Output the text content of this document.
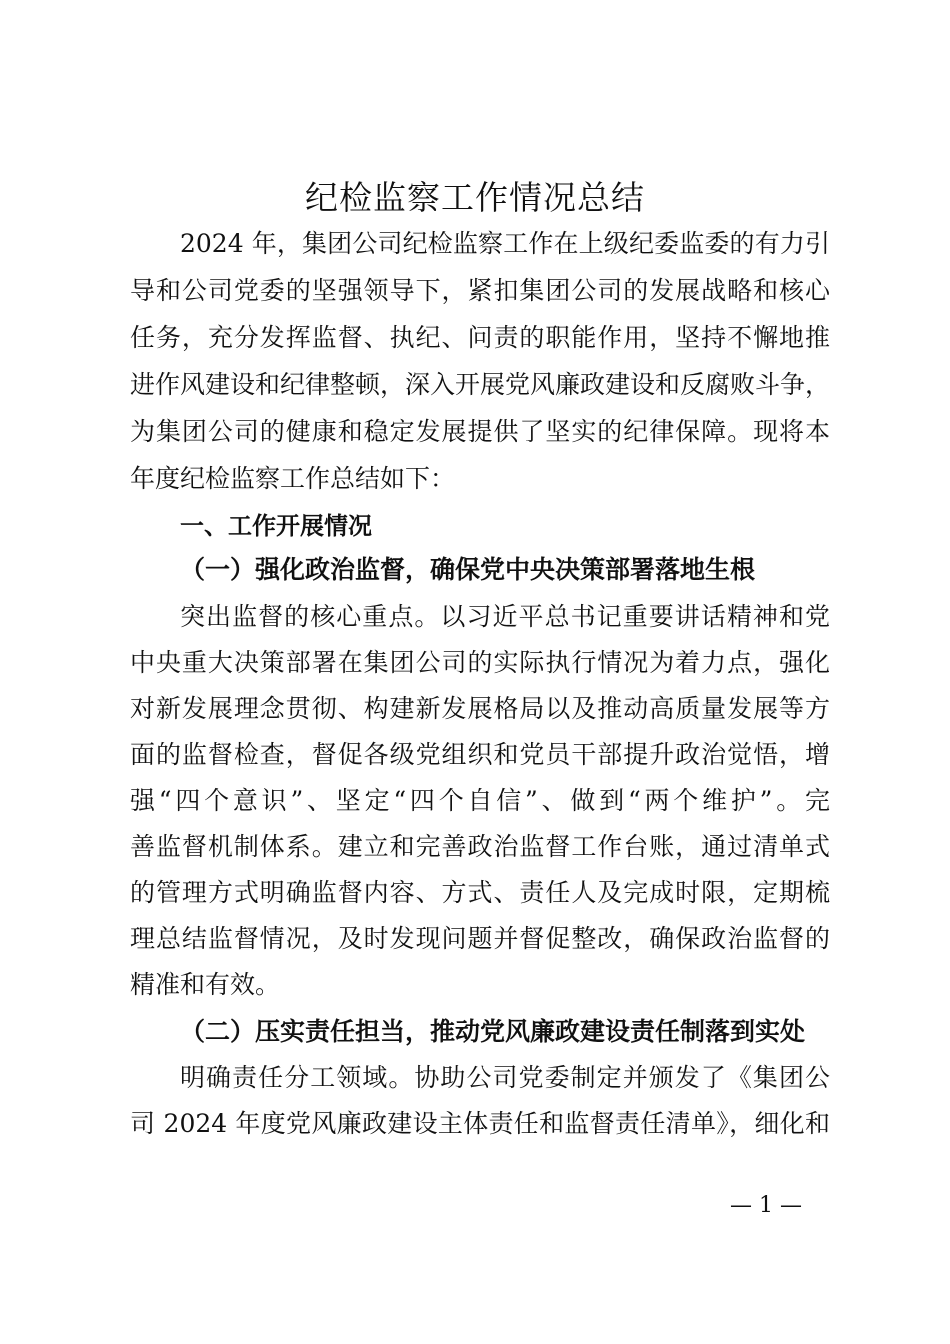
纪检监察工作情况总结
2024 年，集团公司纪检监察工作在上级纪委监委的有力引
导和公司党委的坚强领导下，紧扣集团公司的发展战略和核心
任务，充分发挥监督、执纪、问责的职能作用，坚持不懈地推
进作风建设和纪律整顿，深入开展党风廉政建设和反腐败斗争，
为集团公司的健康和稳定发展提供了坚实的纪律保障。现将本
年度纪检监察工作总结如下：
一、工作开展情况
（一）强化政治监督，确保党中央决策部署落地生根
突出监督的核心重点。以习近平总书记重要讲话精神和党
中央重大决策部署在集团公司的实际执行情况为着力点，强化
对新发展理念贯彻、构建新发展格局以及推动高质量发展等方
面的监督检查，督促各级党组织和党员干部提升政治觉悟，增
强“四个意识”、坚定“四个自信”、做到“两个维护”。完
善监督机制体系。建立和完善政治监督工作台账，通过清单式
的管理方式明确监督内容、方式、责任人及完成时限，定期梳
理总结监督情况，及时发现问题并督促整改，确保政治监督的
精准和有效。
（二）压实责任担当，推动党风廉政建设责任制落到实处
明确责任分工领域。协助公司党委制定并颁发了《集团公
司 2024 年度党风廉政建设主体责任和监督责任清单》，细化和
— 1 —
